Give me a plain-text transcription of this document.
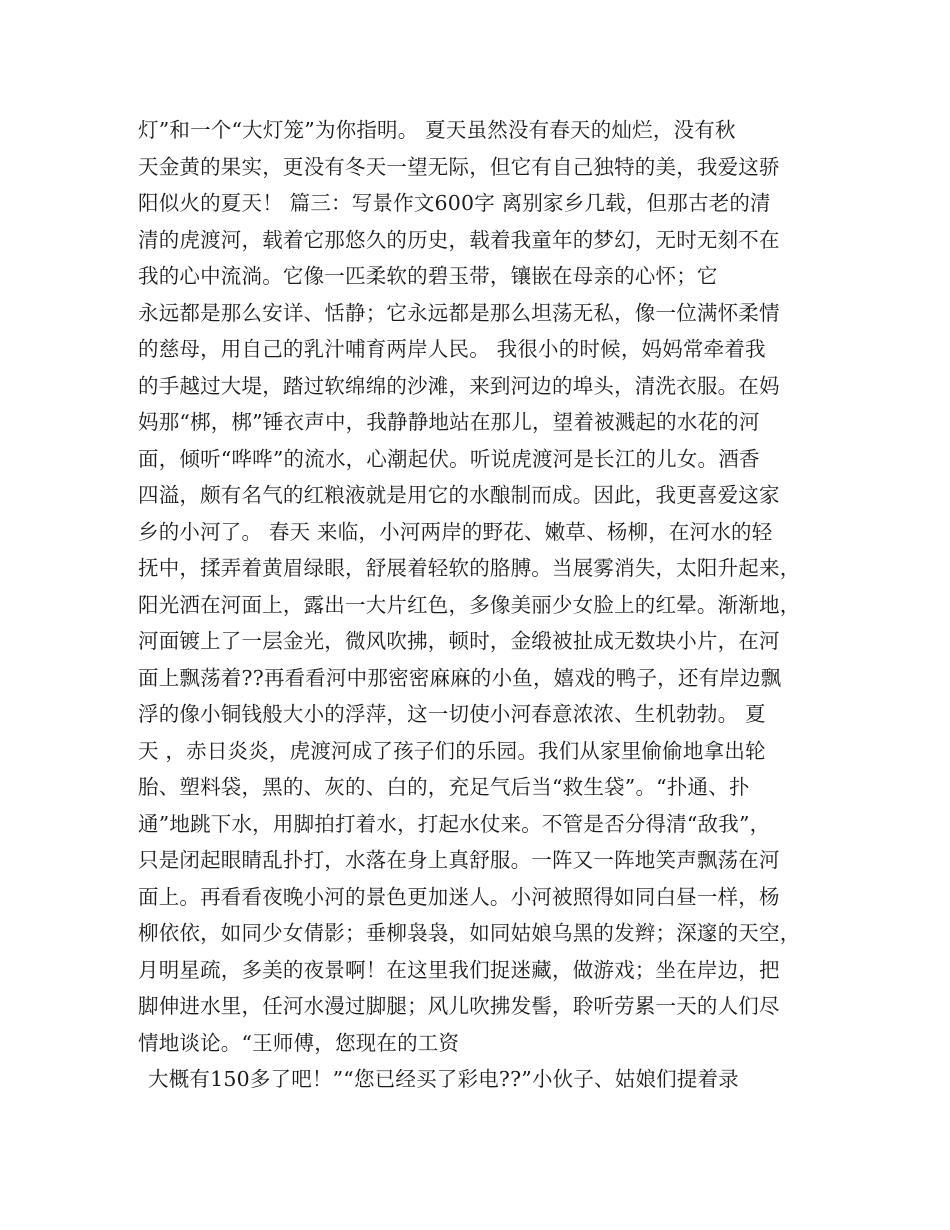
灯”和一个“大灯笼”为你指明。 夏天虽然没有春天的灿烂，没有秋
天金黄的果实，更没有冬天一望无际，但它有自己独特的美，我爱这骄
阳似火的夏天！ 篇三：写景作文600字 离别家乡几载，但那古老的清
清的虎渡河，载着它那悠久的历史，载着我童年的梦幻，无时无刻不在
我的心中流淌。它像一匹柔软的碧玉带，镶嵌在母亲的心怀；它
永远都是那么安详、恬静；它永远都是那么坦荡无私，像一位满怀柔情
的慈母，用自己的乳汁哺育两岸人民。 我很小的时候，妈妈常牵着我
的手越过大堤，踏过软绵绵的沙滩，来到河边的埠头，清洗衣服。在妈
妈那“梆，梆”锤衣声中，我静静地站在那儿，望着被溅起的水花的河
面，倾听“哗哗”的流水，心潮起伏。听说虎渡河是长江的儿女。酒香
四溢，颇有名气的红粮液就是用它的水酿制而成。因此，我更喜爱这家
乡的小河了。 春天 来临，小河两岸的野花、嫩草、杨柳，在河水的轻
抚中，揉弄着黄眉绿眼，舒展着轻软的胳膊。当展雾消失，太阳升起来，
阳光洒在河面上，露出一大片红色，多像美丽少女脸上的红晕。渐渐地，
河面镀上了一层金光，微风吹拂，顿时，金缎被扯成无数块小片，在河
面上飘荡着??再看看河中那密密麻麻的小鱼，嬉戏的鸭子，还有岸边飘
浮的像小铜钱般大小的浮萍，这一切使小河春意浓浓、生机勃勃。 夏
天 ，赤日炎炎，虎渡河成了孩子们的乐园。我们从家里偷偷地拿出轮
胎、塑料袋，黑的、灰的、白的，充足气后当“救生袋”。“扑通、扑
通”地跳下水，用脚拍打着水，打起水仗来。不管是否分得清“敌我”，
只是闭起眼睛乱扑打，水落在身上真舒服。一阵又一阵地笑声飘荡在河
面上。再看看夜晚小河的景色更加迷人。小河被照得如同白昼一样，杨
柳依依，如同少女倩影；垂柳袅袅，如同姑娘乌黑的发辫；深邃的天空，
月明星疏，多美的夜景啊！在这里我们捉迷藏，做游戏；坐在岸边，把
脚伸进水里，任河水漫过脚腿；风儿吹拂发髻，聆听劳累一天的人们尽
情地谈论。“王师傅，您现在的工资
大概有150多了吧！”“您已经买了彩电??”小伙子、姑娘们提着录
